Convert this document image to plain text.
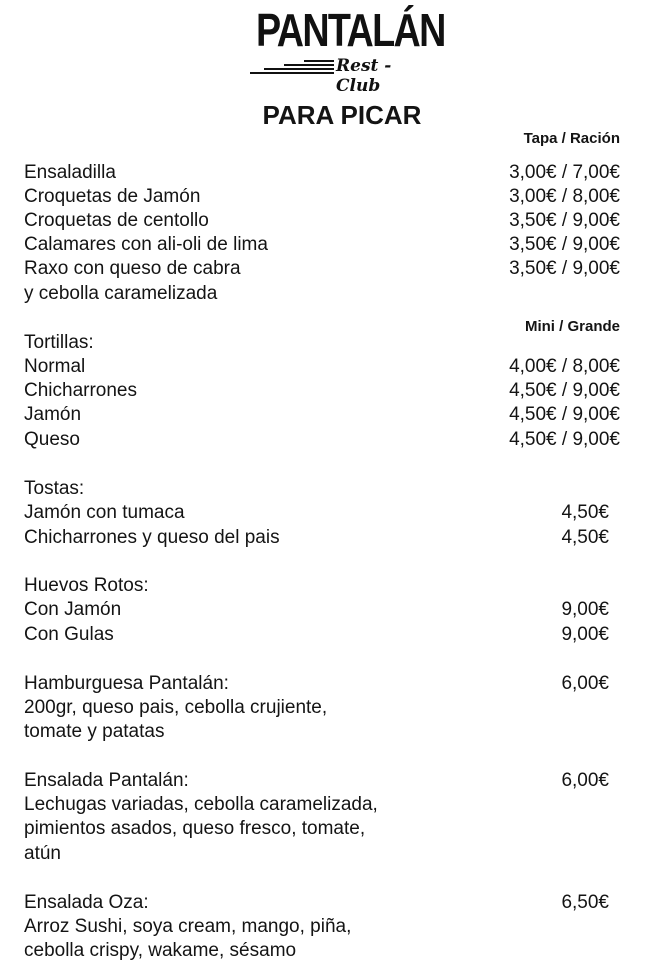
PANTALÁN
Rest - Club
PARA PICAR
Tapa / Ración
Ensaladilla	3,00€ / 7,00€
Croquetas de Jamón	3,00€ / 8,00€
Croquetas de centollo	3,50€ / 9,00€
Calamares con ali-oli de lima	3,50€ / 9,00€
Raxo con queso de cabra	3,50€ / 9,00€
y cebolla caramelizada
Mini / Grande
Tortillas:
Normal	4,00€ / 8,00€
Chicharrones	4,50€ / 9,00€
Jamón	4,50€ / 9,00€
Queso	4,50€ / 9,00€
Tostas:
Jamón con tumaca	4,50€
Chicharrones y queso del pais	4,50€
Huevos Rotos:
Con Jamón	9,00€
Con Gulas	9,00€
Hamburguesa Pantalán:	6,00€
200gr, queso pais, cebolla crujiente,
tomate y patatas
Ensalada Pantalán:	6,00€
Lechugas variadas, cebolla caramelizada,
pimientos asados, queso fresco, tomate,
atún
Ensalada Oza:	6,50€
Arroz Sushi, soya cream, mango, piña,
cebolla crispy, wakame, sésamo
